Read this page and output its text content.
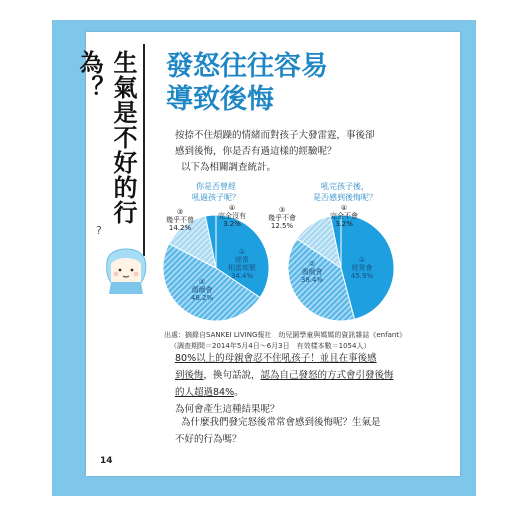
生氣是不好的行為？	發怒往往容易
導致後悔
按捺不住煩躁的情緒而對孩子大發雷霆，事後卻
感到後悔，你是否有過這樣的經驗呢？
以下為相關調查統計。
你是否曾經
吼過孩子呢？
③
幾乎不曾
14.2%
④
完全沒有
3.2%
①
經常
相當頻繁
34.4%
②
偶爾會
48.2%
吼完孩子後，
是否感到後悔呢？
③
幾乎不會
12.5%
④
完全不會
3.2%
①
經常會
45.9%
②
偶爾會
38.4%
?
出處：摘錄自SANKEI LIVING報社　幼兒園學童與媽媽的資訊雜誌《enfant》
（調查期間＝2014年5月4日～6月3日　有效樣本數＝1054人）
80%以上的母親會忍不住吼孩子！並且在事後感
到後悔，換句話說，認為自己發怒的方式會引發後悔
的人超過84%。
為何會產生這種結果呢？
為什麼我們發完怒後常常會感到後悔呢？生氣是
不好的行為嗎？
14
